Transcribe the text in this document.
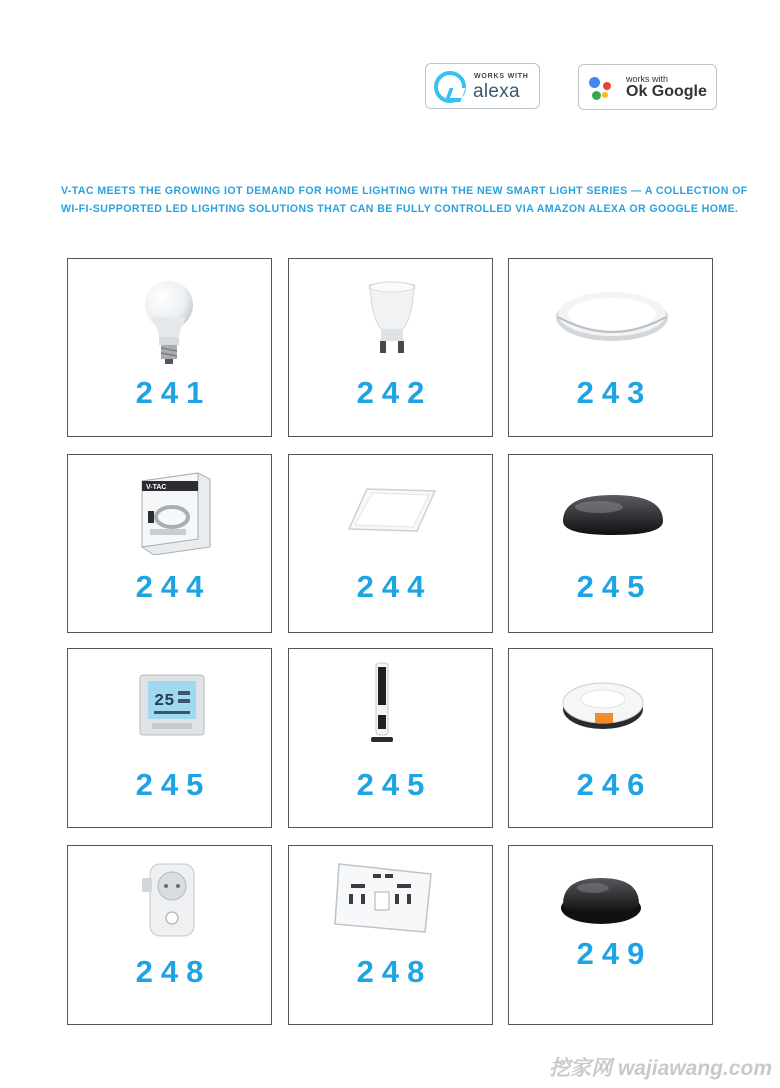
WORKS WITH
alexa
works with
Ok Google

V-TAC MEETS THE GROWING IOT DEMAND FOR HOME LIGHTING WITH THE NEW SMART LIGHT SERIES — A COLLECTION OF WI-FI-SUPPORTED LED LIGHTING SOLUTIONS THAT CAN BE FULLY CONTROLLED VIA AMAZON ALEXA OR GOOGLE HOME.

241	242	243
V-TAC
244	244	245
25
245	245	246
248	248
249
挖家网 wajiawang.com
